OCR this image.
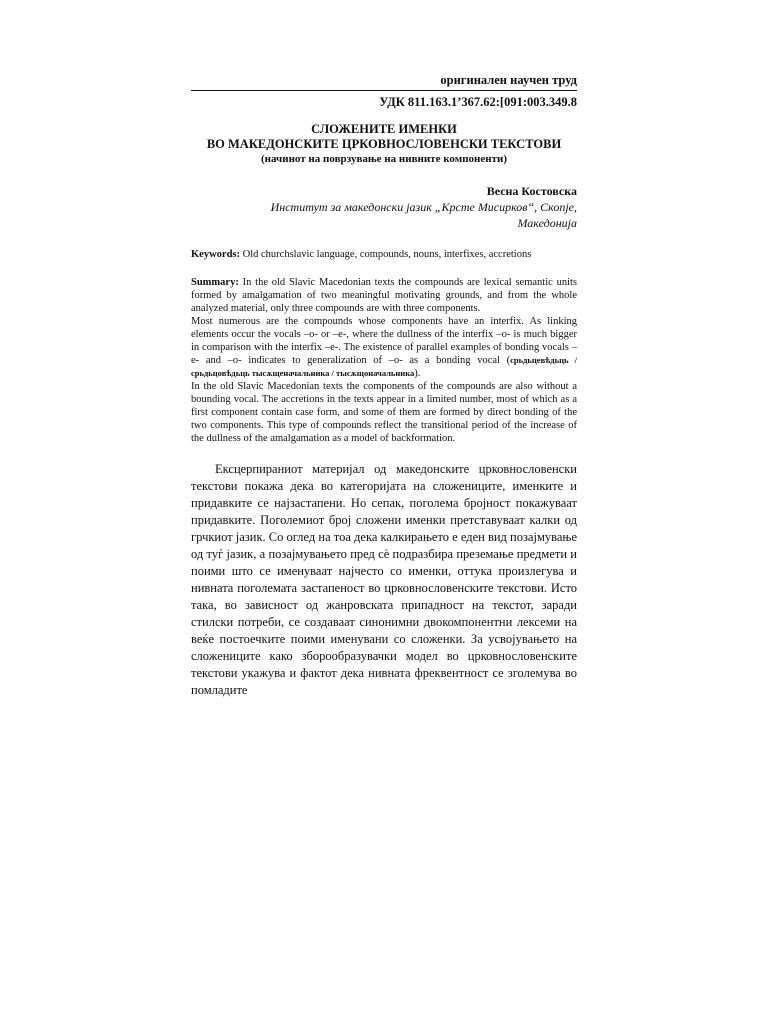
оригинален научен труд
УДК 811.163.1’367.62:[091:003.349.8
СЛОЖЕНИТЕ ИМЕНКИ
ВО МАКЕДОНСКИТЕ ЦРКОВНОСЛОВЕНСКИ ТЕКСТОВИ
(начинот на поврзување на нивните компоненти)
Весна Костовска
Институт за македонски јазик „Крсте Мисирков“, Скопје,
Македонија
Keywords: Old churchslavic language, compounds, nouns, interfixes, accretions

Summary: In the old Slavic Macedonian texts the compounds are lexical semantic units formed by amalgamation of two meaningful motivating grounds, and from the whole analyzed material, only three compounds are with three components.

Most numerous are the compounds whose components have an interfix. As linking elements occur the vocals –o- or –e-, where the dullness of the interfix –o- is much bigger in comparison with the interfix –e-. The existence of parallel examples of bonding vocals –e- and –o- indicates to generalization of –o- as a bonding vocal (срьдьцевѣдьць / срьдьцовѣдьць тысѫщеначальника / тысѫщоначальника).

In the old Slavic Macedonian texts the components of the compounds are also without a bounding vocal. The accretions in the texts appear in a limited number, most of which as a first component contain case form, and some of them are formed by direct bonding of the two components. This type of compounds reflect the transitional period of the increase of the dullness of the amalgamation as a model of backformation.

Ексцерпираниот материјал од македонските црковнословенски текстови покажа дека во категоријата на сложениците, именките и придавките се најзастапени. Но сепак, поголема бројност покажуваат придавките. Поголемиот број сложени именки претставуваат калки од грчкиот јазик. Со оглед на тоа дека калкирањето е еден вид позајмување од туѓ јазик, а позајмувањето пред сè подразбира преземање предмети и поими што се именуваат најчесто со именки, оттука произлегува и нивната поголемата застапеност во црковнословенските текстови. Исто така, во зависност од жанровската припадност на текстот, заради стилски потреби, се создаваат синонимни двокомпонентни лексеми на веќе постоечките поими именувани со сложенки. За усвојувањето на сложениците како зборообразувачки модел во црковнословенските текстови укажува и фактот дека нивната фреквентност се зголемува во помладите
